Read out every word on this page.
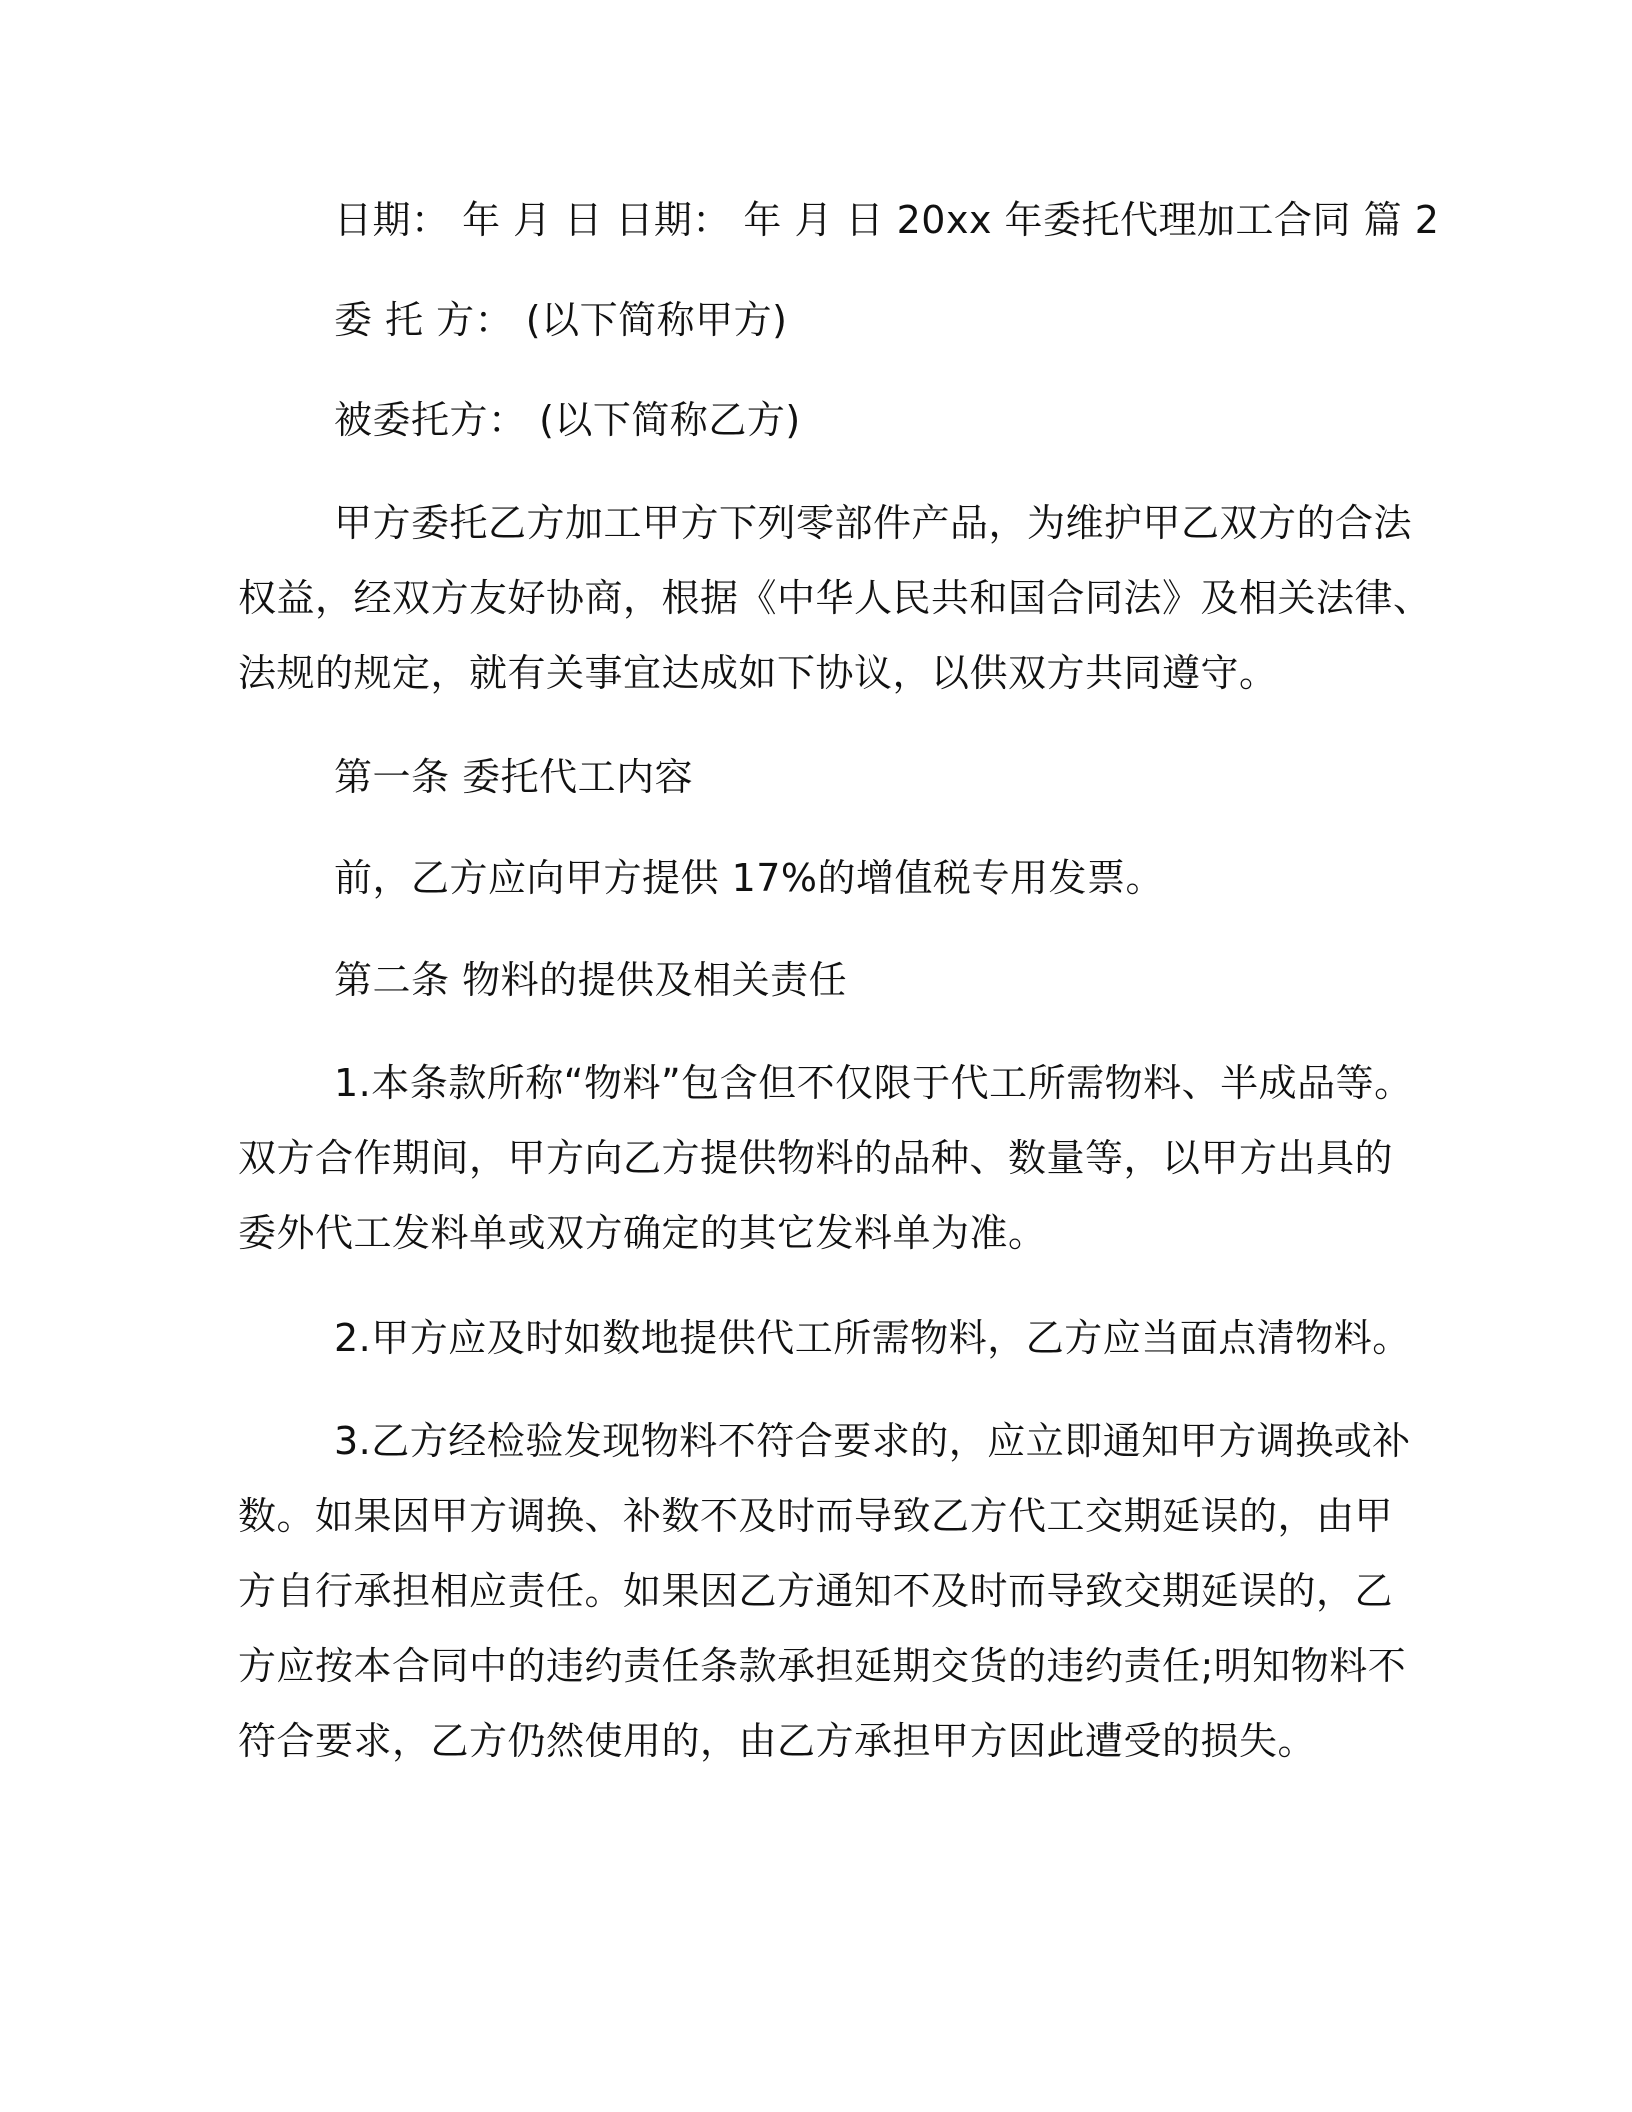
日期： 年 月 日 日期： 年 月 日 20xx 年委托代理加工合同 篇 2
委 托 方： (以下简称甲方)
被委托方： (以下简称乙方)
甲方委托乙方加工甲方下列零部件产品，为维护甲乙双方的合法
权益，经双方友好协商，根据《中华人民共和国合同法》及相关法律、
法规的规定，就有关事宜达成如下协议，以供双方共同遵守。
第一条 委托代工内容
前，乙方应向甲方提供 17%的增值税专用发票。
第二条 物料的提供及相关责任
1.本条款所称“物料”包含但不仅限于代工所需物料、半成品等。
双方合作期间，甲方向乙方提供物料的品种、数量等，以甲方出具的
委外代工发料单或双方确定的其它发料单为准。
2.甲方应及时如数地提供代工所需物料，乙方应当面点清物料。
3.乙方经检验发现物料不符合要求的，应立即通知甲方调换或补
数。如果因甲方调换、补数不及时而导致乙方代工交期延误的，由甲
方自行承担相应责任。如果因乙方通知不及时而导致交期延误的，乙
方应按本合同中的违约责任条款承担延期交货的违约责任;明知物料不
符合要求，乙方仍然使用的，由乙方承担甲方因此遭受的损失。
